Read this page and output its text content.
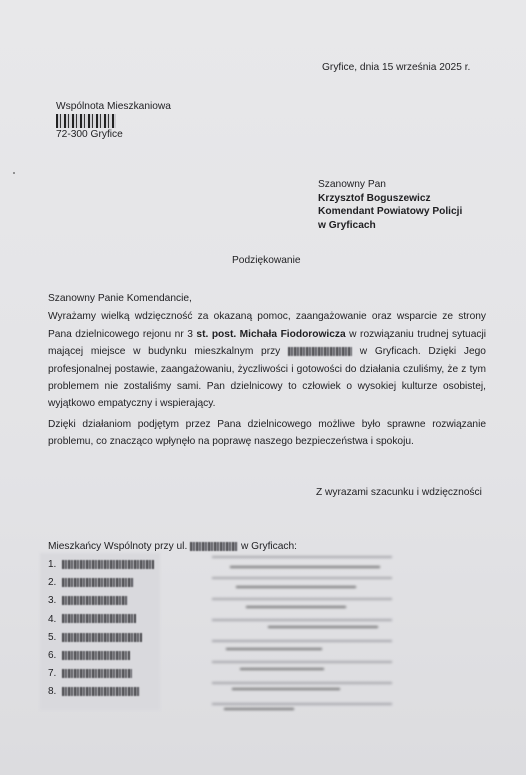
Gryfice, dnia 15 września 2025 r.
Wspólnota Mieszkaniowa
72-300 Gryfice
Szanowny Pan
Krzysztof Boguszewicz
Komendant Powiatowy Policji
w Gryficach
Podziękowanie

Szanowny Panie Komendancie,

Wyrażamy wielką wdzięczność za okazaną pomoc, zaangażowanie oraz wsparcie ze strony Pana dzielnicowego rejonu nr 3 st. post. Michała Fiodorowicza w rozwiązaniu trudnej sytuacji mającej miejsce w budynku mieszkalnym przy	w Gryficach. Dzięki Jego profesjonalnej postawie, zaangażowaniu, życzliwości i gotowości do działania czuliśmy, że z tym problemem nie zostaliśmy sami. Pan dzielnicowy to człowiek o wysokiej kulturze osobistej, wyjątkowo empatyczny i wspierający.

Dzięki działaniom podjętym przez Pana dzielnicowego możliwe było sprawne rozwiązanie problemu, co znacząco wpłynęło na poprawę naszego bezpieczeństwa i spokoju.

Z wyrazami szacunku i wdzięczności
Mieszkańcy Wspólnoty przy ul.	w Gryficach:
1.
2.
3.
4.
5.
6.
7.
8.
